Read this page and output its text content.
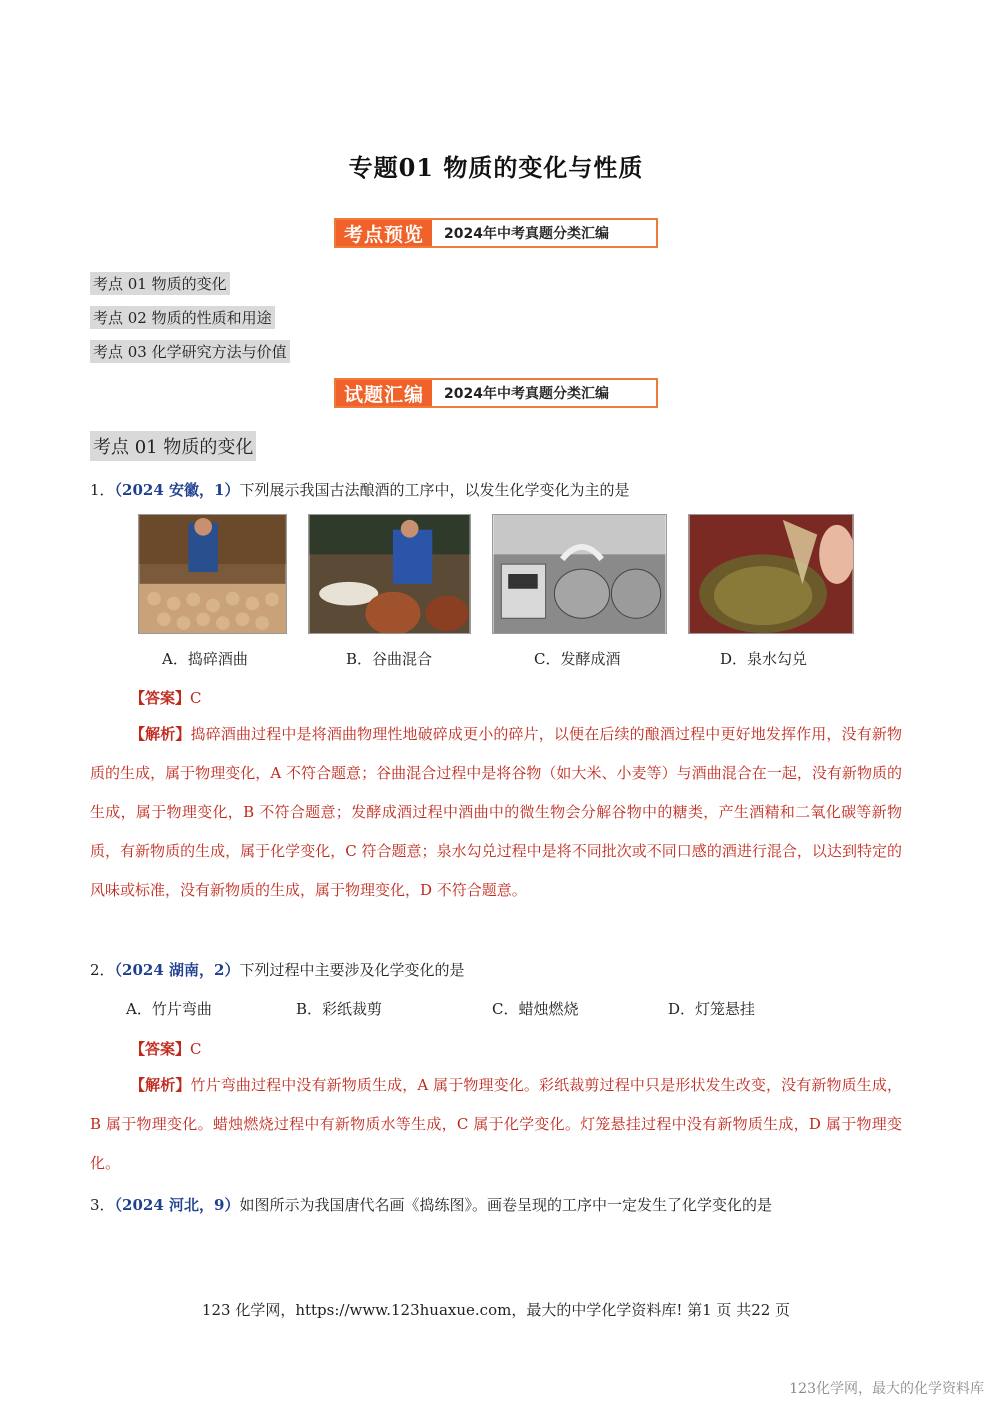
专题01 物质的变化与性质
考点预览	2024年中考真题分类汇编
考点 01 物质的变化
考点 02 物质的性质和用途
考点 03 化学研究方法与价值
试题汇编	2024年中考真题分类汇编
考点 01 物质的变化
1．（2024 安徽，1）下列展示我国古法酿酒的工序中，以发生化学变化为主的是
A．捣碎酒曲	B．谷曲混合	C．发酵成酒	D．泉水勾兑
【答案】C
【解析】捣碎酒曲过程中是将酒曲物理性地破碎成更小的碎片，以便在后续的酿酒过程中更好地发挥作用，没有新物质的生成，属于物理变化，A 不符合题意；谷曲混合过程中是将谷物（如大米、小麦等）与酒曲混合在一起，没有新物质的生成，属于物理变化，B 不符合题意；发酵成酒过程中酒曲中的微生物会分解谷物中的糖类，产生酒精和二氧化碳等新物质，有新物质的生成，属于化学变化，C 符合题意；泉水勾兑过程中是将不同批次或不同口感的酒进行混合，以达到特定的风味或标准，没有新物质的生成，属于物理变化，D 不符合题意。
2．（2024 湖南，2）下列过程中主要涉及化学变化的是
A．竹片弯曲	B．彩纸裁剪	C．蜡烛燃烧	D．灯笼悬挂
【答案】C
【解析】竹片弯曲过程中没有新物质生成，A 属于物理变化。彩纸裁剪过程中只是形状发生改变，没有新物质生成，B 属于物理变化。蜡烛燃烧过程中有新物质水等生成，C 属于化学变化。灯笼悬挂过程中没有新物质生成，D 属于物理变化。
3．（2024 河北，9）如图所示为我国唐代名画《捣练图》。画卷呈现的工序中一定发生了化学变化的是
123 化学网，https://www.123huaxue.com，最大的中学化学资料库! 第1 页 共22 页
123化学网，最大的化学资料库
